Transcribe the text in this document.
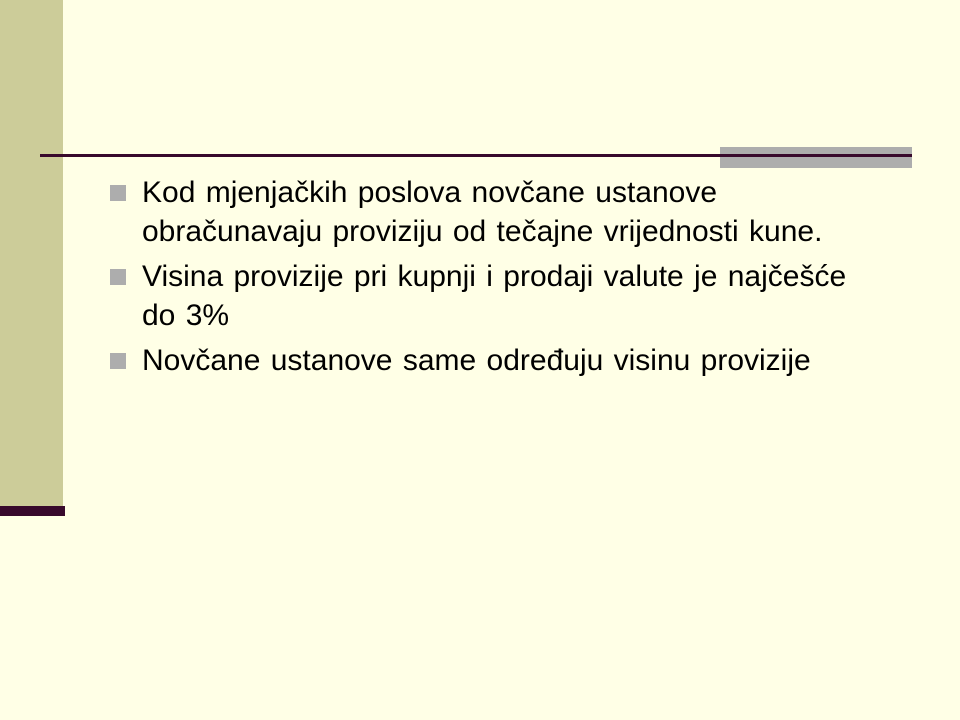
Kod mjenjačkih poslova novčane ustanove
obračunavaju proviziju od tečajne vrijednosti kune.
Visina provizije pri kupnji i prodaji valute je najčešće
do 3%
Novčane ustanove same određuju visinu provizije
